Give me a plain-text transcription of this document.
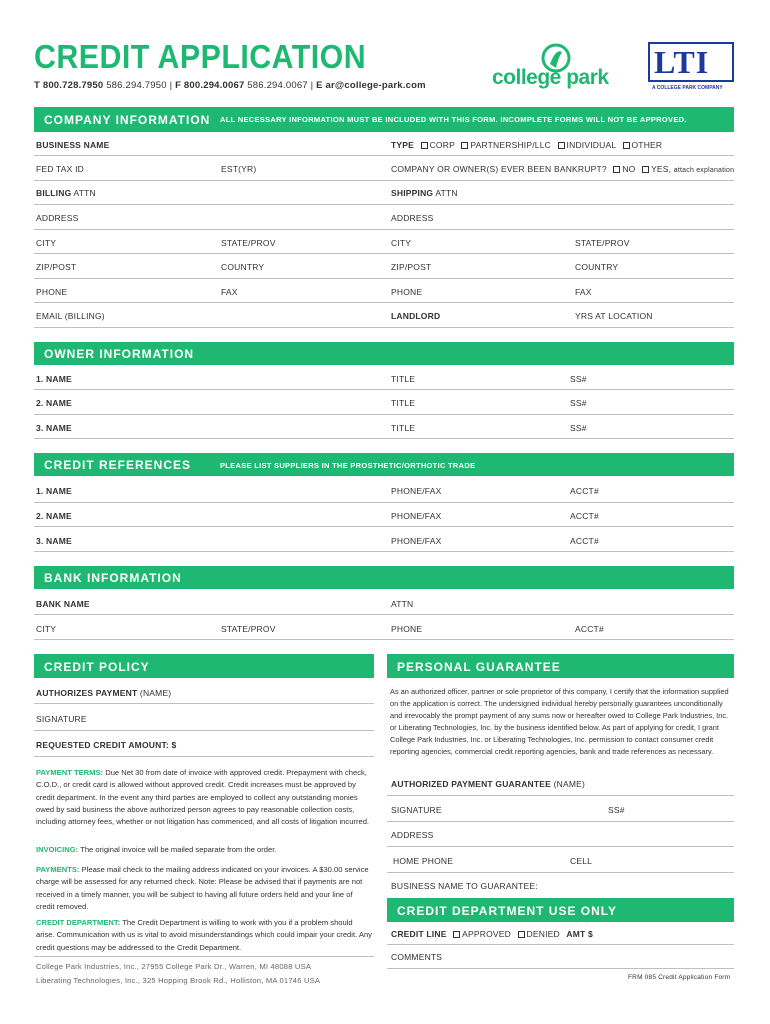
CREDIT APPLICATION
T 800.728.7950 586.294.7950 | F 800.294.0067 586.294.0067 | E ar@college-park.com	college park LTI
A COLLEGE PARK COMPANY
COMPANY INFORMATION ALL NECESSARY INFORMATION MUST BE INCLUDED WITH THIS FORM. INCOMPLETE FORMS WILL NOT BE APPROVED.
BUSINESS NAME	TYPE CORP PARTNERSHIP/LLC INDIVIDUAL OTHER
FED TAX ID	EST(YR)	COMPANY OR OWNER(S) EVER BEEN BANKRUPT? NO YES, attach explanation
BILLING ATTN	SHIPPING ATTN
ADDRESS	ADDRESS
CITY	STATE/PROV	CITY	STATE/PROV
ZIP/POST	COUNTRY	ZIP/POST	COUNTRY
PHONE	FAX	PHONE	FAX
EMAIL (BILLING)	LANDLORD	YRS AT LOCATION
OWNER INFORMATION
1. NAME	TITLE	SS#
2. NAME	TITLE	SS#
3. NAME	TITLE	SS#
CREDIT REFERENCES	PLEASE LIST SUPPLIERS IN THE PROSTHETIC/ORTHOTIC TRADE
1. NAME	PHONE/FAX	ACCT#
2. NAME	PHONE/FAX	ACCT#
3. NAME	PHONE/FAX	ACCT#
BANK INFORMATION
BANK NAME	ATTN
CITY	STATE/PROV	PHONE	ACCT#
CREDIT POLICY
AUTHORIZES PAYMENT (NAME)
SIGNATURE
REQUESTED CREDIT AMOUNT: $
PAYMENT TERMS: Due Net 30 from date of invoice with approved credit. Prepayment with check, C.O.D., or credit card is allowed without approved credit. Credit increases must be approved by credit department. In the event any third parties are employed to collect any outstanding monies owed by said business the above authorized person agrees to pay reasonable collection costs, including attorney fees, whether or not litigation has commenced, and all costs of litigation incurred.
INVOICING: The original invoice will be mailed separate from the order.
PAYMENTS: Please mail check to the mailing address indicated on your invoices. A $30.00 service charge will be assessed for any returned check. Note: Please be advised that if payments are not received in a timely manner, you will be subject to having all future orders held and your line of credit removed.
CREDIT DEPARTMENT: The Credit Department is willing to work with you if a problem should arise. Communication with us is vital to avoid misunderstandings which could impair your credit. Any credit questions may be addressed to the Credit Department.
PERSONAL GUARANTEE
As an authorized officer, partner or sole proprietor of this company, I certify that the information supplied on the application is correct. The undersigned individual hereby personally guarantees unconditionally and irrevocably the prompt payment of any sums now or hereafter owed to College Park Industries, Inc. or Liberating Technologies, Inc. by the business identified below. As part of applying for credit, I grant College Park Industries, Inc. or Liberating Technologies, Inc. permission to contact consumer credit reporting agencies, commercial credit reporting agencies, bank and trade references as necessary.
AUTHORIZED PAYMENT GUARANTEE (NAME)
SIGNATURE	SS#
ADDRESS
HOME PHONE	CELL
BUSINESS NAME TO GUARANTEE:
CREDIT DEPARTMENT USE ONLY
CREDIT LINE APPROVED DENIED AMT $
COMMENTS
College Park Industries, Inc., 27955 College Park Dr., Warren, MI 48088 USA
Liberating Technologies, Inc., 325 Hopping Brook Rd., Holliston, MA 01746 USA	FRM 085 Credit Application Form
